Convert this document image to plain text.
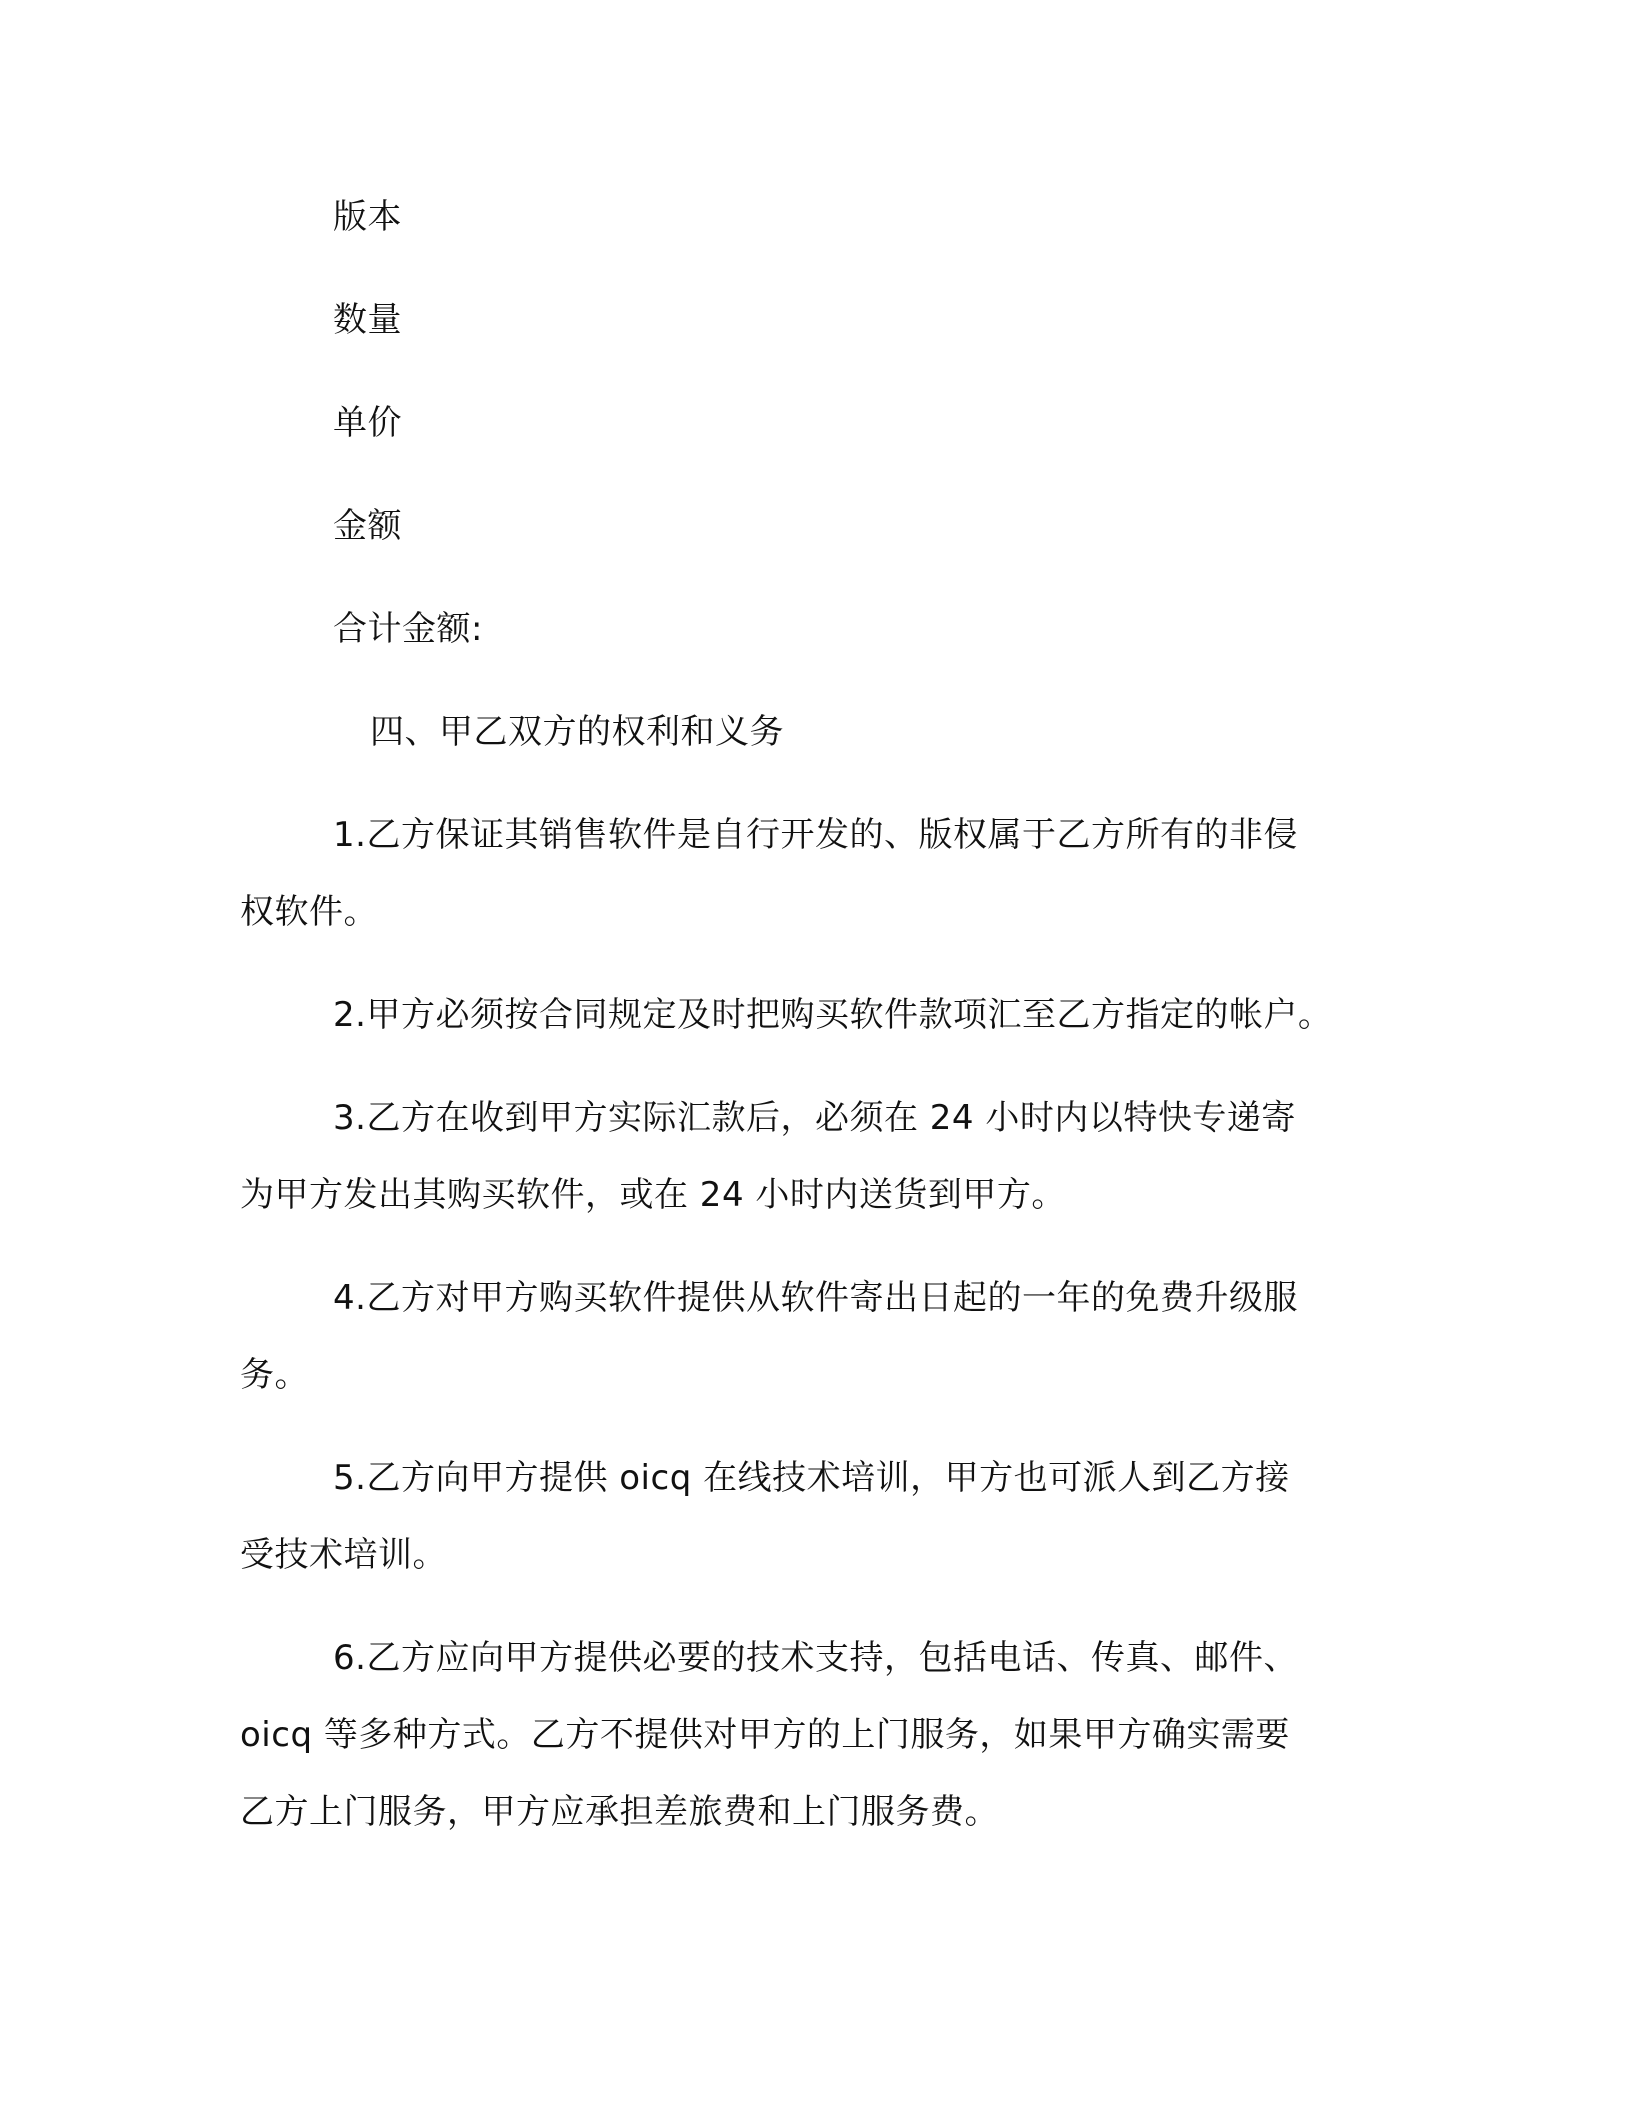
版本
数量
单价
金额
合计金额:
四、甲乙双方的权利和义务
1.乙方保证其销售软件是自行开发的、版权属于乙方所有的非侵
权软件。
2.甲方必须按合同规定及时把购买软件款项汇至乙方指定的帐户。
3.乙方在收到甲方实际汇款后，必须在 24 小时内以特快专递寄
为甲方发出其购买软件，或在 24 小时内送货到甲方。
4.乙方对甲方购买软件提供从软件寄出日起的一年的免费升级服
务。
5.乙方向甲方提供 oicq 在线技术培训，甲方也可派人到乙方接
受技术培训。
6.乙方应向甲方提供必要的技术支持，包括电话、传真、邮件、
oicq 等多种方式。乙方不提供对甲方的上门服务，如果甲方确实需要
乙方上门服务，甲方应承担差旅费和上门服务费。
